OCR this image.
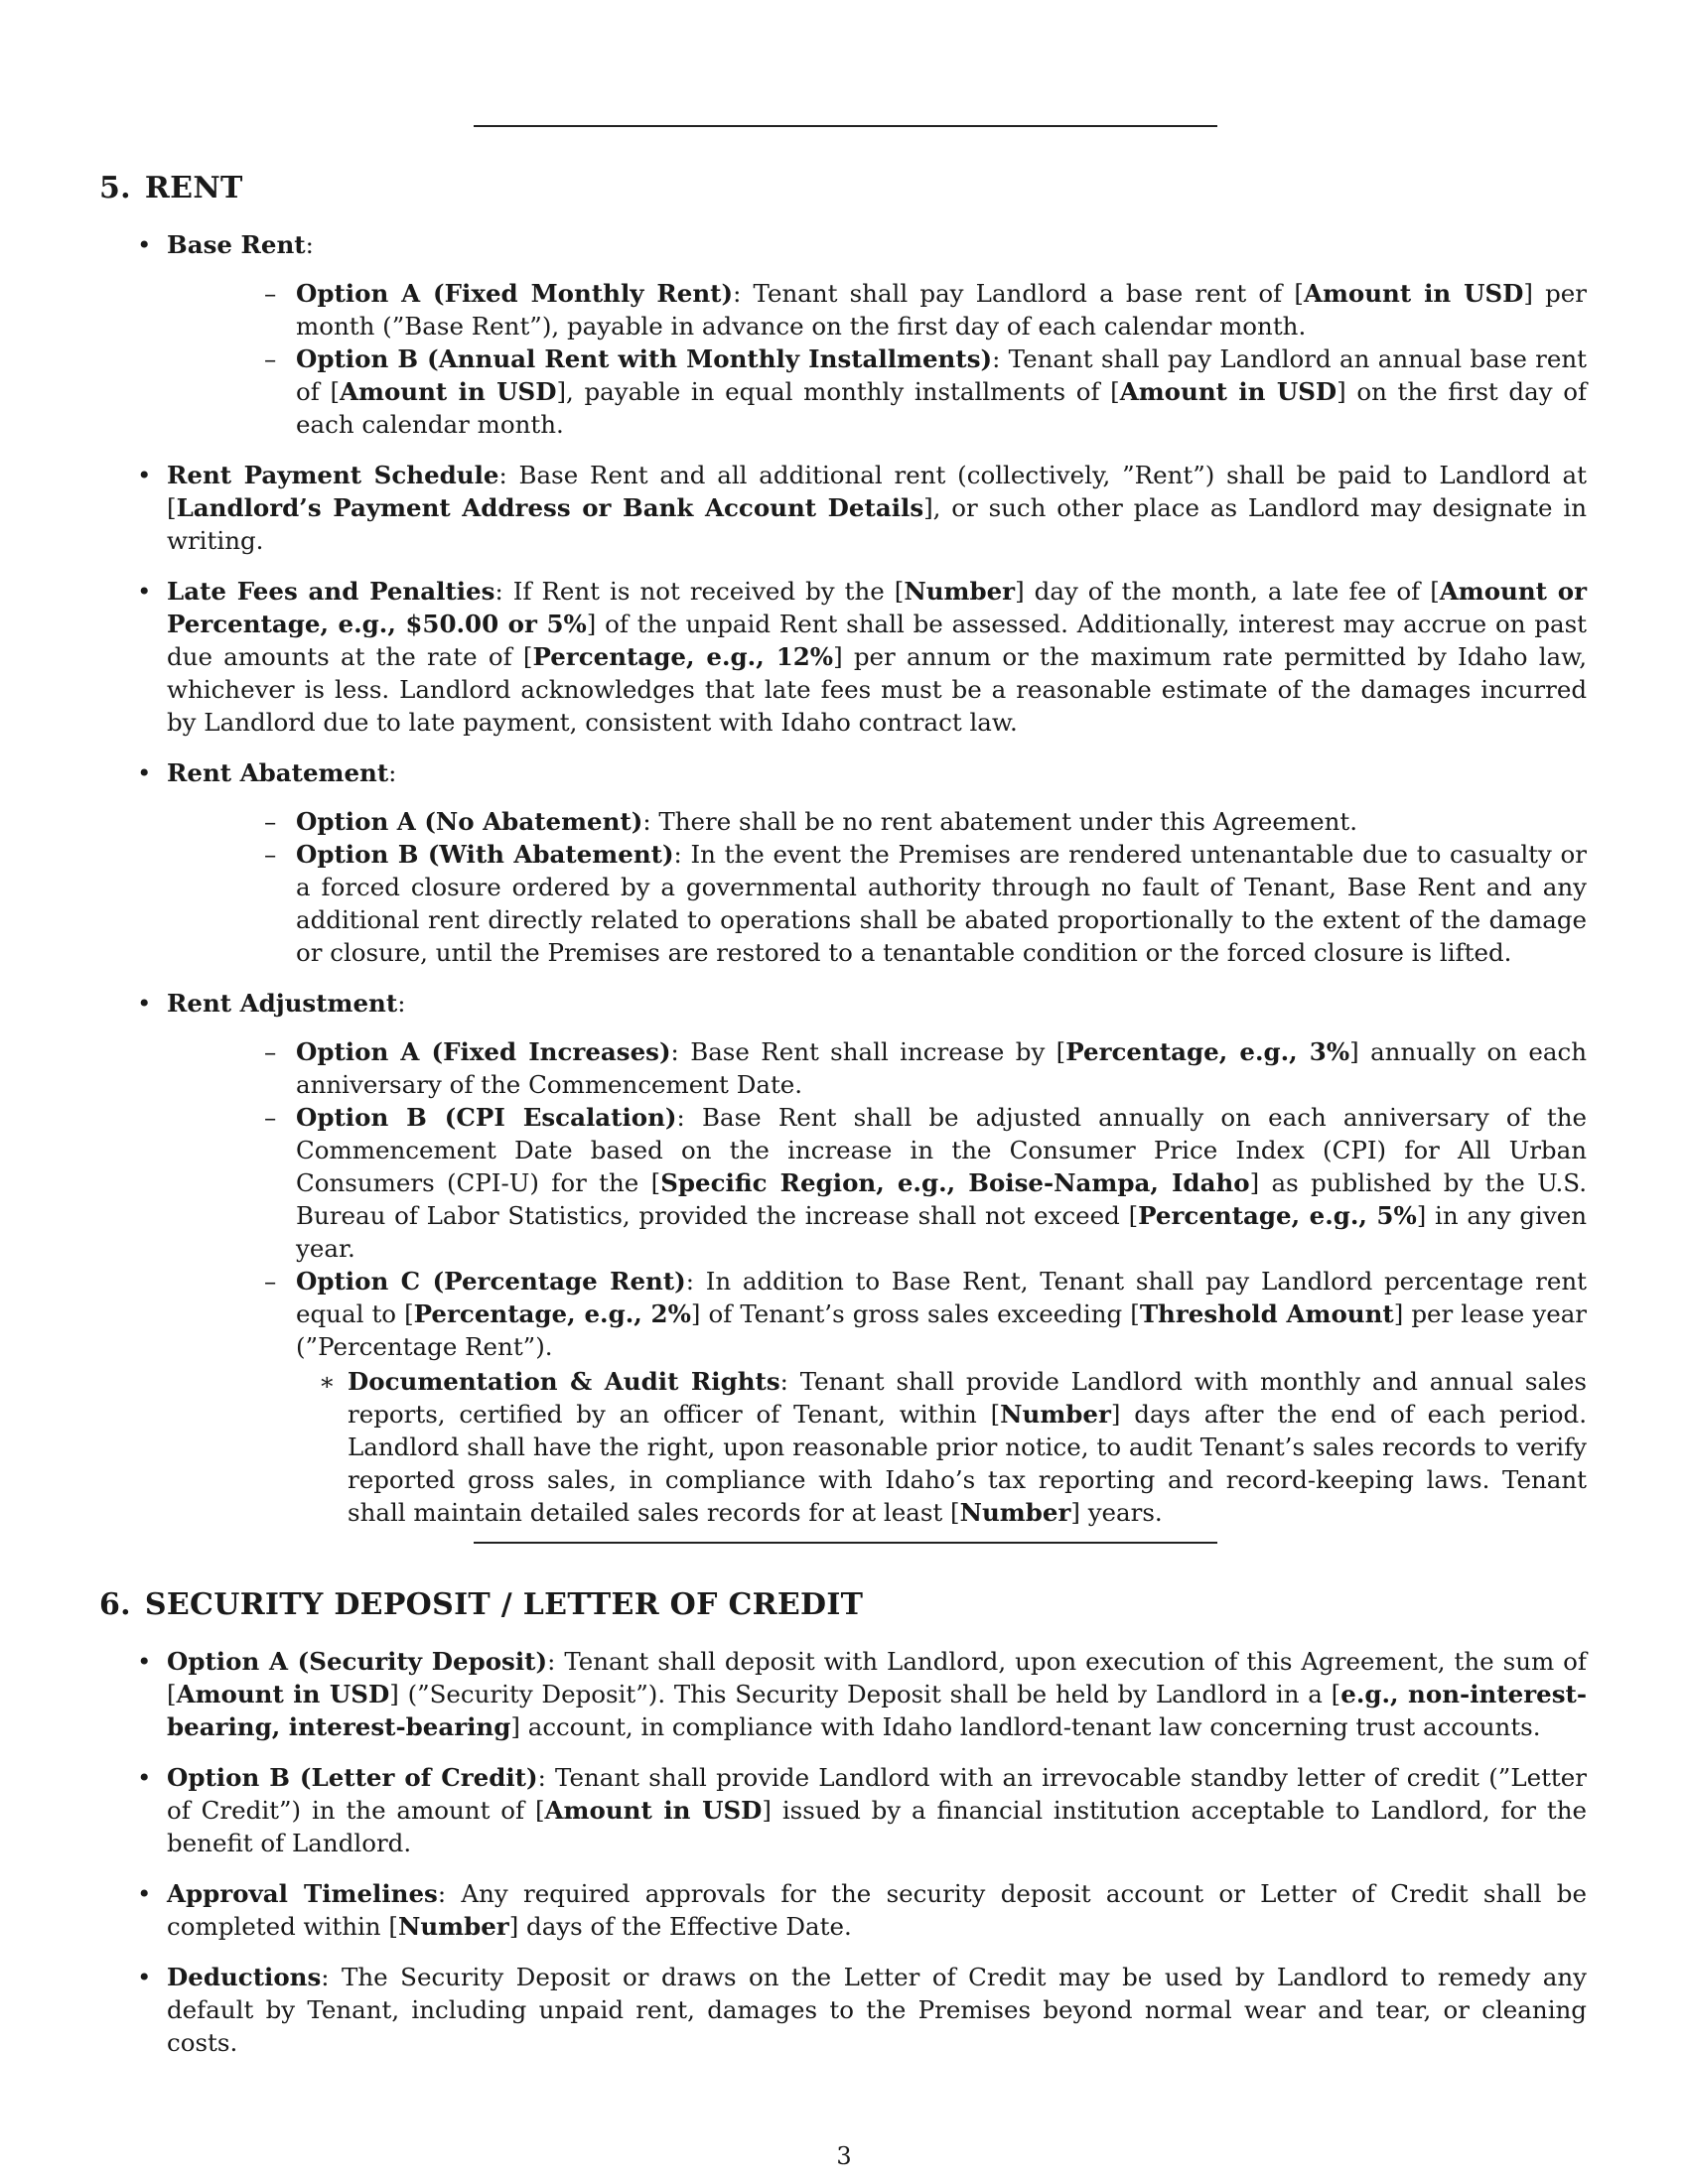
5. RENT
• Base Rent:
– Option A (Fixed Monthly Rent): Tenant shall pay Landlord a base rent of [Amount in USD] per month (”Base Rent”), payable in advance on the first day of each calendar month.
– Option B (Annual Rent with Monthly Installments): Tenant shall pay Landlord an annual base rent of [Amount in USD], payable in equal monthly installments of [Amount in USD] on the first day of each calendar month.
• Rent Payment Schedule: Base Rent and all additional rent (collectively, ”Rent”) shall be paid to Landlord at [Landlord’s Payment Address or Bank Account Details], or such other place as Landlord may designate in writing.
• Late Fees and Penalties: If Rent is not received by the [Number] day of the month, a late fee of [Amount or Percentage, e.g., $50.00 or 5%] of the unpaid Rent shall be assessed. Additionally, interest may accrue on past due amounts at the rate of [Percentage, e.g., 12%] per annum or the maximum rate permitted by Idaho law, whichever is less. Landlord acknowledges that late fees must be a reasonable estimate of the damages incurred by Landlord due to late payment, consistent with Idaho contract law.
• Rent Abatement:
– Option A (No Abatement): There shall be no rent abatement under this Agreement.
– Option B (With Abatement): In the event the Premises are rendered untenantable due to casualty or a forced closure ordered by a governmental authority through no fault of Tenant, Base Rent and any additional rent directly related to operations shall be abated proportionally to the extent of the damage or closure, until the Premises are restored to a tenantable condition or the forced closure is lifted.
• Rent Adjustment:
– Option A (Fixed Increases): Base Rent shall increase by [Percentage, e.g., 3%] annually on each anniversary of the Commencement Date.
– Option B (CPI Escalation): Base Rent shall be adjusted annually on each anniversary of the Commencement Date based on the increase in the Consumer Price Index (CPI) for All Urban Consumers (CPI-U) for the [Specific Region, e.g., Boise-Nampa, Idaho] as published by the U.S. Bureau of Labor Statistics, provided the increase shall not exceed [Percentage, e.g., 5%] in any given year.
– Option C (Percentage Rent): In addition to Base Rent, Tenant shall pay Landlord percentage rent equal to [Percentage, e.g., 2%] of Tenant’s gross sales exceeding [Threshold Amount] per lease year (”Percentage Rent”).
∗ Documentation & Audit Rights: Tenant shall provide Landlord with monthly and annual sales reports, certified by an officer of Tenant, within [Number] days after the end of each period. Landlord shall have the right, upon reasonable prior notice, to audit Tenant’s sales records to verify reported gross sales, in compliance with Idaho’s tax reporting and record-keeping laws. Tenant shall maintain detailed sales records for at least [Number] years.
6. SECURITY DEPOSIT / LETTER OF CREDIT
• Option A (Security Deposit): Tenant shall deposit with Landlord, upon execution of this Agreement, the sum of [Amount in USD] (”Security Deposit”). This Security Deposit shall be held by Landlord in a [e.g., non-interest-bearing, interest-bearing] account, in compliance with Idaho landlord-tenant law concerning trust accounts.
• Option B (Letter of Credit): Tenant shall provide Landlord with an irrevocable standby letter of credit (”Letter of Credit”) in the amount of [Amount in USD] issued by a financial institution acceptable to Landlord, for the benefit of Landlord.
• Approval Timelines: Any required approvals for the security deposit account or Letter of Credit shall be completed within [Number] days of the Effective Date.
• Deductions: The Security Deposit or draws on the Letter of Credit may be used by Landlord to remedy any default by Tenant, including unpaid rent, damages to the Premises beyond normal wear and tear, or cleaning costs.
3
